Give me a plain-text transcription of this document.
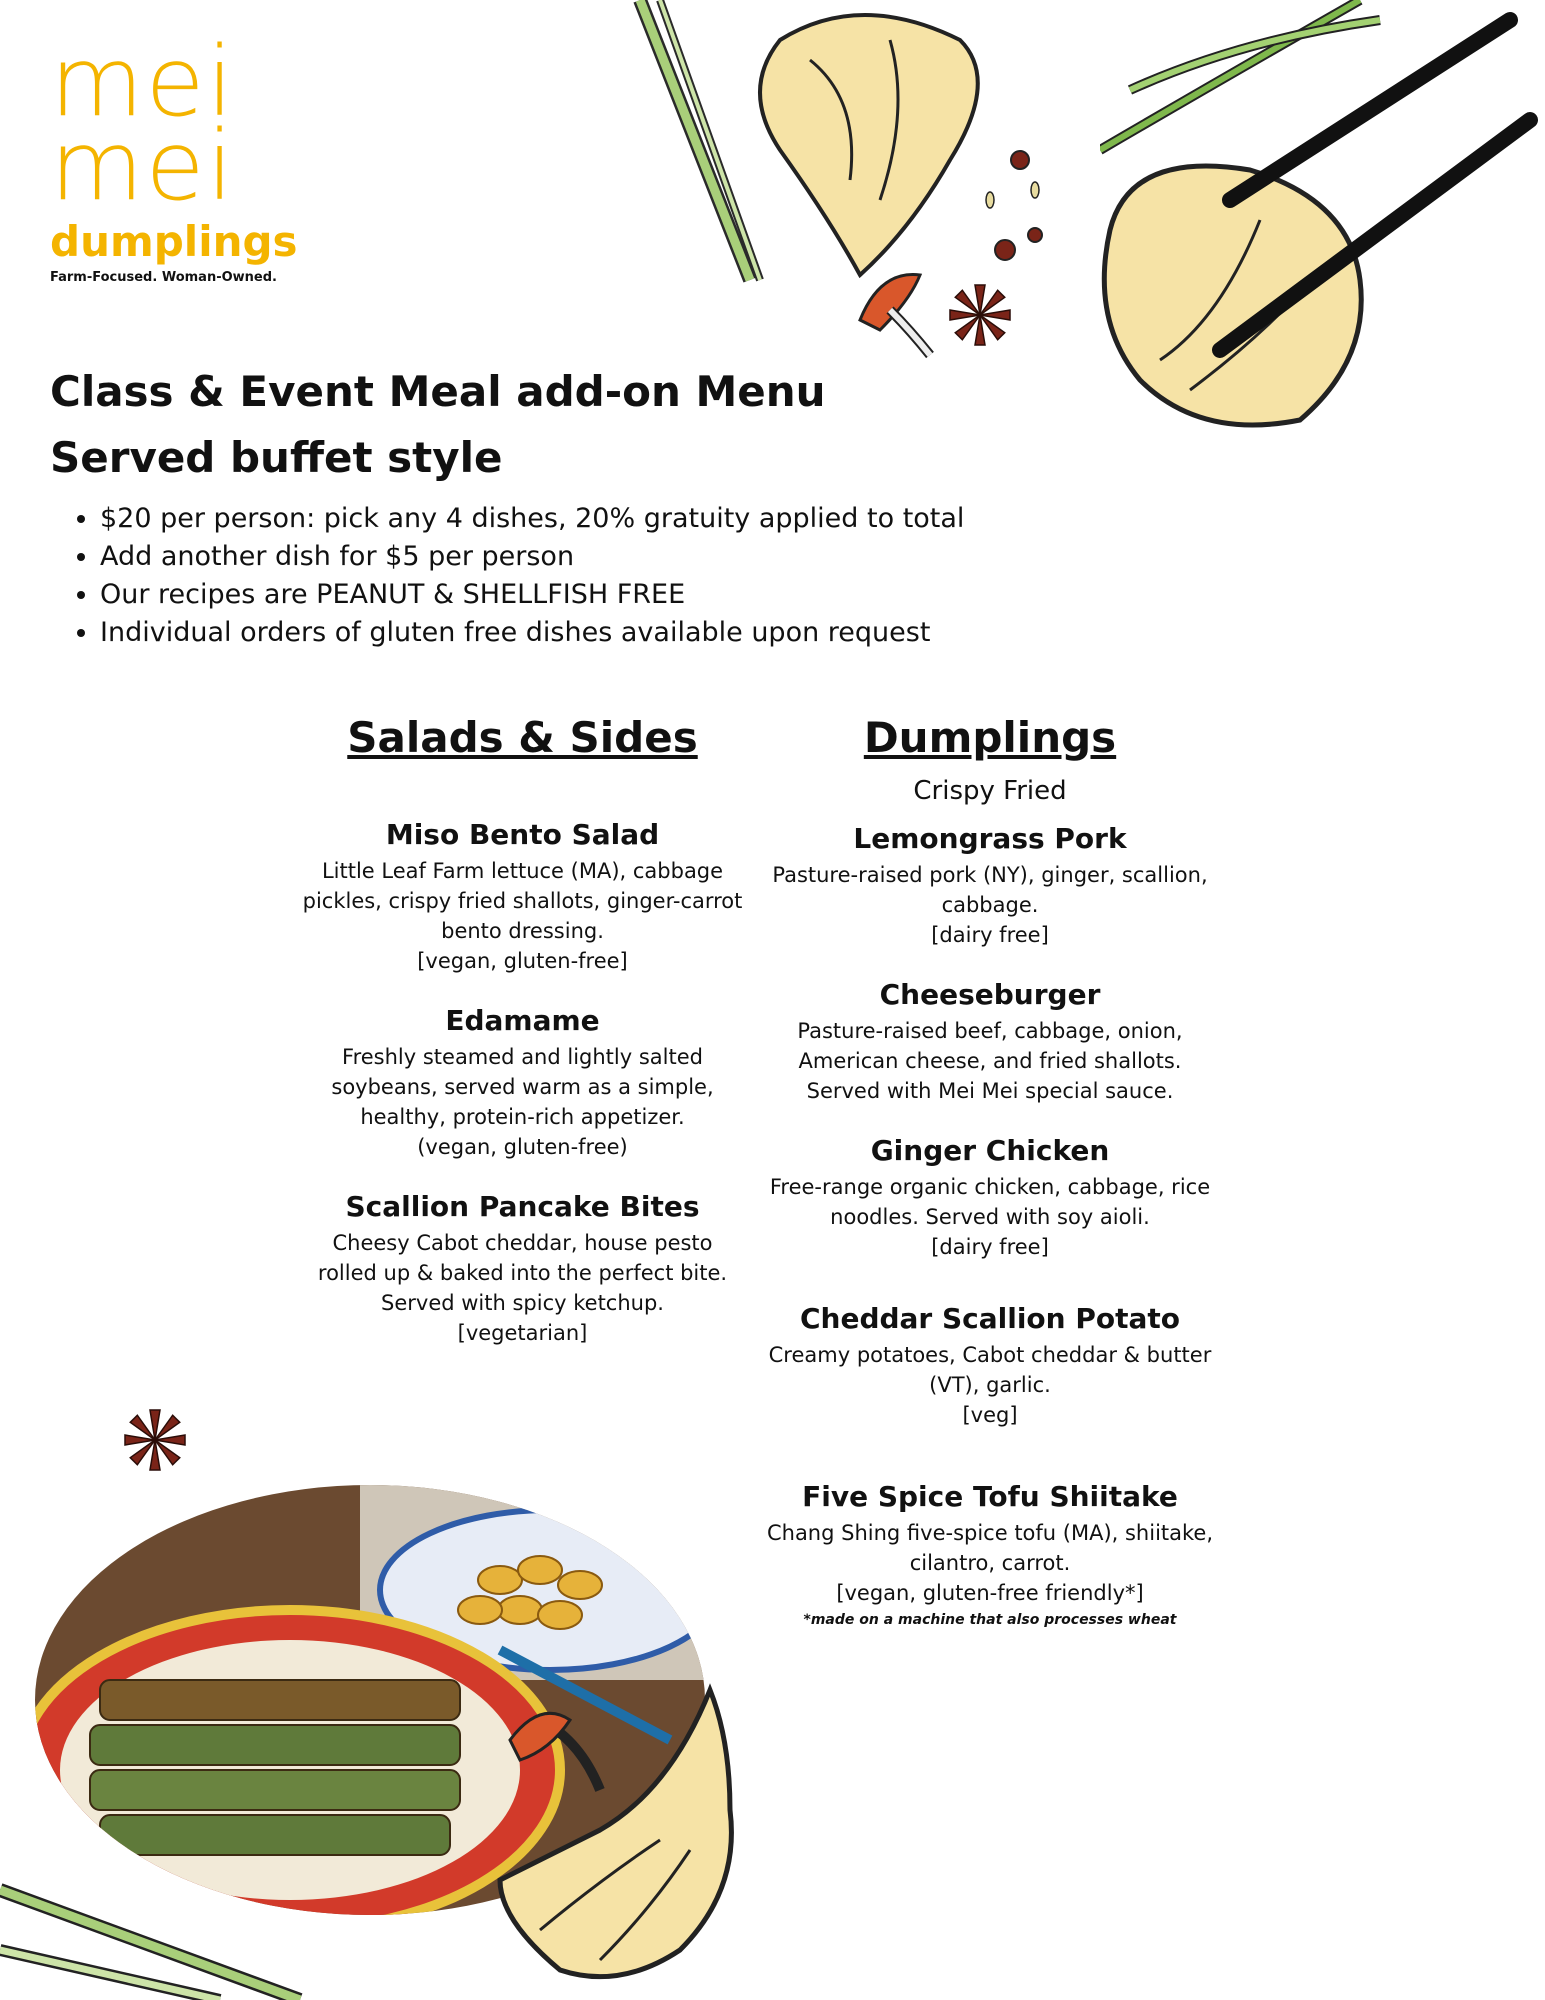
mei
mei
dumplings
Farm-Focused. Woman-Owned.
Class & Event Meal add-on Menu
Served buffet style
• $20 per person: pick any 4 dishes, 20% gratuity applied to total
• Add another dish for $5 per person
• Our recipes are PEANUT & SHELLFISH FREE
• Individual orders of gluten free dishes available upon request
Salads & Sides
Miso Bento Salad
Little Leaf Farm lettuce (MA), cabbage pickles, crispy fried shallots, ginger-carrot bento dressing.
[vegan, gluten-free]
Edamame
Freshly steamed and lightly salted soybeans, served warm as a simple, healthy, protein-rich appetizer.
(vegan, gluten-free)
Scallion Pancake Bites
Cheesy Cabot cheddar, house pesto rolled up & baked into the perfect bite. Served with spicy ketchup.
[vegetarian]
Dumplings
Crispy Fried
Lemongrass Pork
Pasture-raised pork (NY), ginger, scallion, cabbage.
[dairy free]
Cheeseburger
Pasture-raised beef, cabbage, onion, American cheese, and fried shallots. Served with Mei Mei special sauce.
Ginger Chicken
Free-range organic chicken, cabbage, rice noodles. Served with soy aioli.
[dairy free]
Cheddar Scallion Potato
Creamy potatoes, Cabot cheddar & butter (VT), garlic.
[veg]
Five Spice Tofu Shiitake
Chang Shing five-spice tofu (MA), shiitake, cilantro, carrot.
[vegan, gluten-free friendly*]
*made on a machine that also processes wheat
